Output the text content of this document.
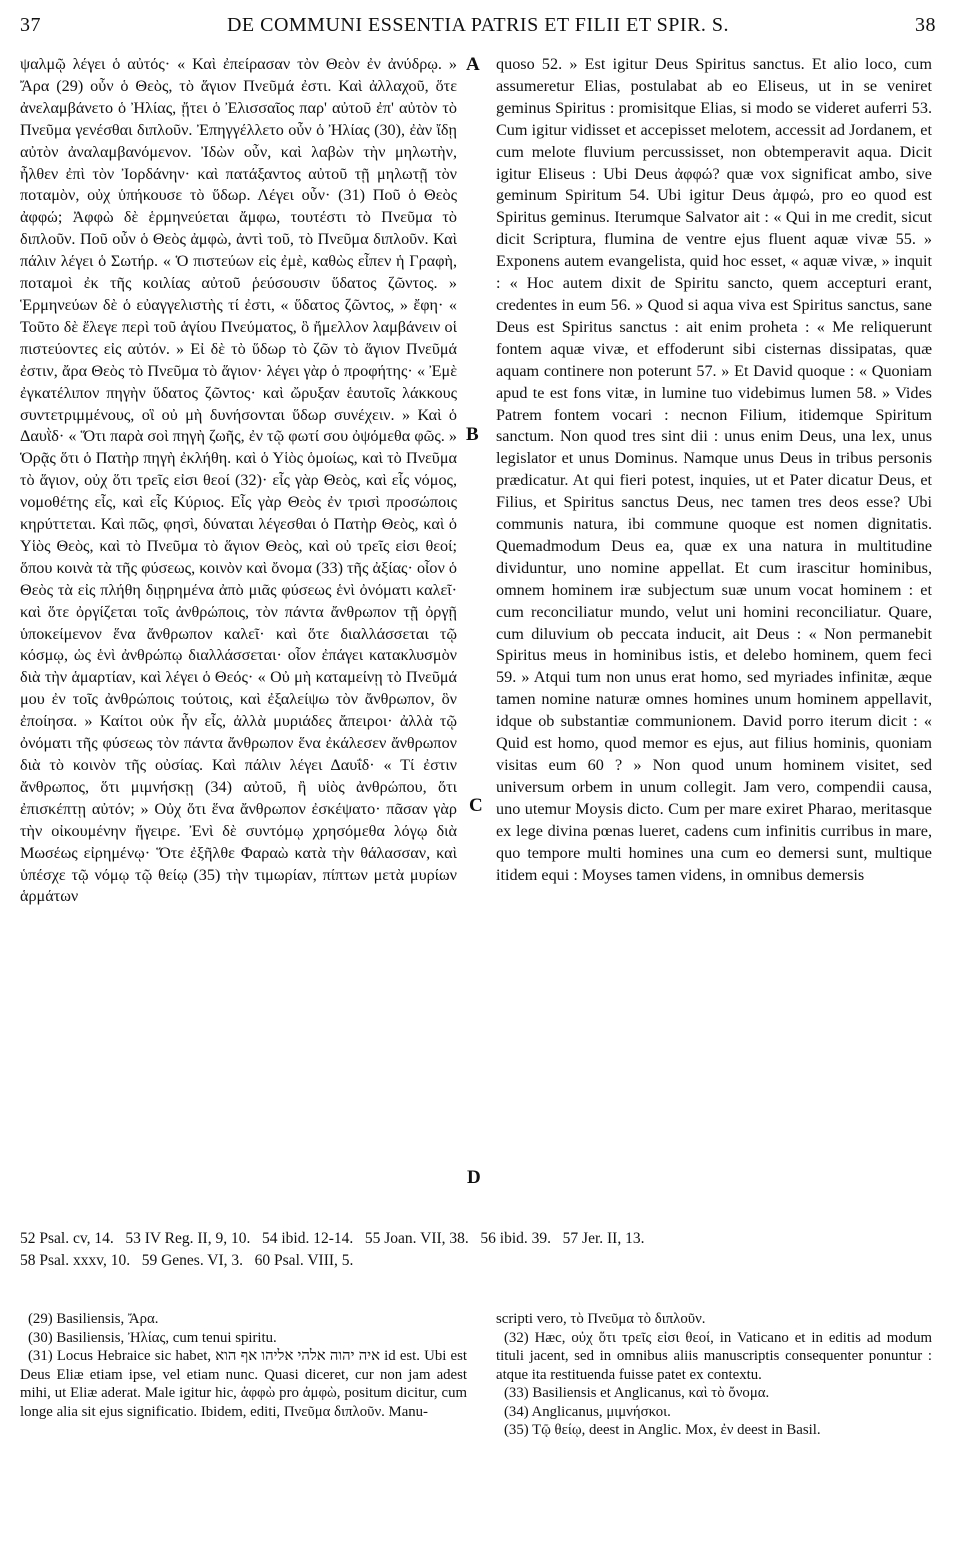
37	DE COMMUNI ESSENTIA PATRIS ET FILII ET SPIR. S.	38

ψαλμῷ λέγει ὁ αὐτός· « Καὶ ἐπείρασαν τὸν Θεὸν ἐν ἀνύδρῳ. » Ἄρα (29) οὖν ὁ Θεὸς, τὸ ἅγιον Πνεῦμά ἐστι. Καὶ ἀλλαχοῦ, ὅτε ἀνελαμβάνετο ὁ Ἠλίας, ᾔτει ὁ Ἐλισσαῖος παρ' αὐτοῦ ἐπ' αὐτὸν τὸ Πνεῦμα γενέσθαι διπλοῦν. Ἐπηγγέλλετο οὖν ὁ Ἠλίας (30), ἐὰν ἴδῃ αὐτὸν ἀναλαμβανόμενον. Ἰδὼν οὖν, καὶ λαβὼν τὴν μηλωτὴν, ἦλθεν ἐπὶ τὸν Ἰορδάνην· καὶ πατάξαντος αὐτοῦ τῇ μηλωτῇ τὸν ποταμὸν, οὐχ ὑπήκουσε τὸ ὕδωρ. Λέγει οὖν· (31) Ποῦ ὁ Θεὸς ἀφφώ; Ἀφφὼ δὲ ἑρμηνεύεται ἄμφω, τουτέστι τὸ Πνεῦμα τὸ διπλοῦν. Ποῦ οὖν ὁ Θεὸς ἀμφὼ, ἀντὶ τοῦ, τὸ Πνεῦμα διπλοῦν. Καὶ πάλιν λέγει ὁ Σωτήρ. « Ὁ πιστεύων εἰς ἐμὲ, καθὼς εἶπεν ἡ Γραφὴ, ποταμοὶ ἐκ τῆς κοιλίας αὐτοῦ ῥεύσουσιν ὕδατος ζῶντος. » Ἑρμηνεύων δὲ ὁ εὐαγγελιστὴς τί ἐστι, « ὕδατος ζῶντος, » ἔφη· « Τοῦτο δὲ ἔλεγε περὶ τοῦ ἁγίου Πνεύματος, ὃ ἤμελλον λαμβάνειν οἱ πιστεύοντες εἰς αὐτόν. » Εἰ δὲ τὸ ὕδωρ τὸ ζῶν τὸ ἅγιον Πνεῦμά ἐστιν, ἄρα Θεὸς τὸ Πνεῦμα τὸ ἅγιον· λέγει γὰρ ὁ προφήτης· « Ἐμὲ ἐγκατέλιπον πηγὴν ὕδατος ζῶντος· καὶ ὤρυξαν ἑαυτοῖς λάκκους συντετριμμένους, οἳ οὐ μὴ δυνήσονται ὕδωρ συνέχειν. » Καὶ ὁ Δαυῒδ· « Ὅτι παρὰ σοὶ πηγὴ ζωῆς, ἐν τῷ φωτί σου ὀψόμεθα φῶς. » Ὁρᾷς ὅτι ὁ Πατὴρ πηγὴ ἐκλήθη. καὶ ὁ Υἱὸς ὁμοίως, καὶ τὸ Πνεῦμα τὸ ἅγιον, οὐχ ὅτι τρεῖς εἰσι θεοί (32)· εἷς γὰρ Θεὸς, καὶ εἷς νόμος, νομοθέτης εἷς, καὶ εἷς Κύριος. Εἷς γὰρ Θεὸς ἐν τρισὶ προσώποις κηρύττεται. Καὶ πῶς, φησὶ, δύναται λέγεσθαι ὁ Πατὴρ Θεὸς, καὶ ὁ Υἱὸς Θεὸς, καὶ τὸ Πνεῦμα τὸ ἅγιον Θεὸς, καὶ οὐ τρεῖς εἰσι θεοί; ὅπου κοινὰ τὰ τῆς φύσεως, κοινὸν καὶ ὄνομα (33) τῆς ἀξίας· οἷον ὁ Θεὸς τὰ εἰς πλήθη διῃρημένα ἀπὸ μιᾶς φύσεως ἑνὶ ὀνόματι καλεῖ· καὶ ὅτε ὀργίζεται τοῖς ἀνθρώποις, τὸν πάντα ἄνθρωπον τῇ ὀργῇ ὑποκείμενον ἕνα ἄνθρωπον καλεῖ· καὶ ὅτε διαλλάσσεται τῷ κόσμῳ, ὡς ἑνὶ ἀνθρώπῳ διαλλάσσεται· οἷον ἐπάγει κατακλυσμὸν διὰ τὴν ἁμαρτίαν, καὶ λέγει ὁ Θεός· « Οὐ μὴ καταμείνῃ τὸ Πνεῦμά μου ἐν τοῖς ἀνθρώποις τούτοις, καὶ ἐξαλείψω τὸν ἄνθρωπον, ὃν ἐποίησα. » Καίτοι οὐκ ἦν εἷς, ἀλλὰ μυριάδες ἄπειροι· ἀλλὰ τῷ ὀνόματι τῆς φύσεως τὸν πάντα ἄνθρωπον ἕνα ἐκάλεσεν ἄνθρωπον διὰ τὸ κοινὸν τῆς οὐσίας. Καὶ πάλιν λέγει Δαυΐδ· « Τί ἐστιν ἄνθρωπος, ὅτι μιμνήσκῃ (34) αὐτοῦ, ἢ υἱὸς ἀνθρώπου, ὅτι ἐπισκέπτῃ αὐτόν; » Οὐχ ὅτι ἕνα ἄνθρωπον ἐσκέψατο· πᾶσαν γὰρ τὴν οἰκουμένην ἤγειρε. Ἐνὶ δὲ συντόμῳ χρησόμεθα λόγῳ διὰ Μωσέως εἰρημένῳ· Ὅτε ἐξῆλθε Φαραὼ κατὰ τὴν θάλασσαν, καὶ ὑπέσχε τῷ νόμῳ τῷ θείῳ (35) τὴν τιμωρίαν, πίπτων μετὰ μυρίων ἁρμάτων

A
B
C
D

quoso 52. » Est igitur Deus Spiritus sanctus. Et alio loco, cum assumeretur Elias, postulabat ab eo Eliseus, ut in se veniret geminus Spiritus : promisitque Elias, si modo se videret auferri 53. Cum igitur vidisset et accepisset melotem, accessit ad Jordanem, et cum melote fluvium percussisset, non obtemperavit aqua. Dicit igitur Eliseus : Ubi Deus ἀφφώ? quæ vox significat ambo, sive geminum Spiritum 54. Ubi igitur Deus ἀμφώ, pro eo quod est Spiritus geminus. Iterumque Salvator ait : « Qui in me credit, sicut dicit Scriptura, flumina de ventre ejus fluent aquæ vivæ 55. » Exponens autem evangelista, quid hoc esset, « aquæ vivæ, » inquit : « Hoc autem dixit de Spiritu sancto, quem accepturi erant, credentes in eum 56. » Quod si aqua viva est Spiritus sanctus, sane Deus est Spiritus sanctus : ait enim proheta : « Me reliquerunt fontem aquæ vivæ, et effoderunt sibi cisternas dissipatas, quæ aquam continere non poterunt 57. » Et David quoque : « Quoniam apud te est fons vitæ, in lumine tuo videbimus lumen 58. » Vides Patrem fontem vocari : necnon Filium, itidemque Spiritum sanctum. Non quod tres sint dii : unus enim Deus, una lex, unus legislator et unus Dominus. Namque unus Deus in tribus personis prædicatur. At qui fieri potest, inquies, ut et Pater dicatur Deus, et Filius, et Spiritus sanctus Deus, nec tamen tres deos esse? Ubi communis natura, ibi commune quoque est nomen dignitatis. Quemadmodum Deus ea, quæ ex una natura in multitudine dividuntur, uno nomine appellat. Et cum irascitur hominibus, omnem hominem iræ subjectum suæ unum vocat hominem : et cum reconciliatur mundo, velut uni homini reconciliatur. Quare, cum diluvium ob peccata inducit, ait Deus : « Non permanebit Spiritus meus in hominibus istis, et delebo hominem, quem feci 59. » Atqui tum non unus erat homo, sed myriades infinitæ, æque tamen nomine naturæ omnes homines unum hominem appellavit, idque ob substantiæ communionem. David porro iterum dicit : « Quid est homo, quod memor es ejus, aut filius hominis, quoniam visitas eum 60 ? » Non quod unum hominem visitet, sed universum orbem in unum collegit. Jam vero, compendii causa, uno utemur Moysis dicto. Cum per mare exiret Pharao, meritasque ex lege divina pœnas lueret, cadens cum infinitis curribus in mare, quo tempore multi homines una cum eo demersi sunt, multique itidem equi : Moyses tamen videns, in omnibus demersis

52 Psal. cv, 14. 53 IV Reg. II, 9, 10. 54 ibid. 12-14. 55 Joan. VII, 38. 56 ibid. 39. 57 Jer. II, 13.
58 Psal. xxxv, 10. 59 Genes. VI, 3. 60 Psal. VIII, 5.

(29) Basiliensis, Ἄρα.

(30) Basiliensis, Ἠλίας, cum tenui spiritu.

(31) Locus Hebraice sic habet, איה יהוה אלהי אליהו אף הוא id est. Ubi est Deus Eliæ etiam ipse, vel etiam nunc. Quasi diceret, cur non jam adest mihi, ut Eliæ aderat. Male igitur hic, ἀφφὼ pro ἀμφὼ, positum dicitur, cum longe alia sit ejus significatio. Ibidem, editi, Πνεῦμα διπλοῦν. Manu-

scripti vero, τὸ Πνεῦμα τὸ διπλοῦν.

(32) Hæc, οὐχ ὅτι τρεῖς εἰσι θεοί, in Vaticano et in editis ad modum tituli jacent, sed in omnibus aliis manuscriptis consequenter ponuntur : atque ita restituenda fuisse patet ex contextu.

(33) Basiliensis et Anglicanus, καὶ τὸ ὄνομα.

(34) Anglicanus, μιμνήσκοι.

(35) Τῷ θείῳ, deest in Anglic. Mox, ἐν deest in Basil.
